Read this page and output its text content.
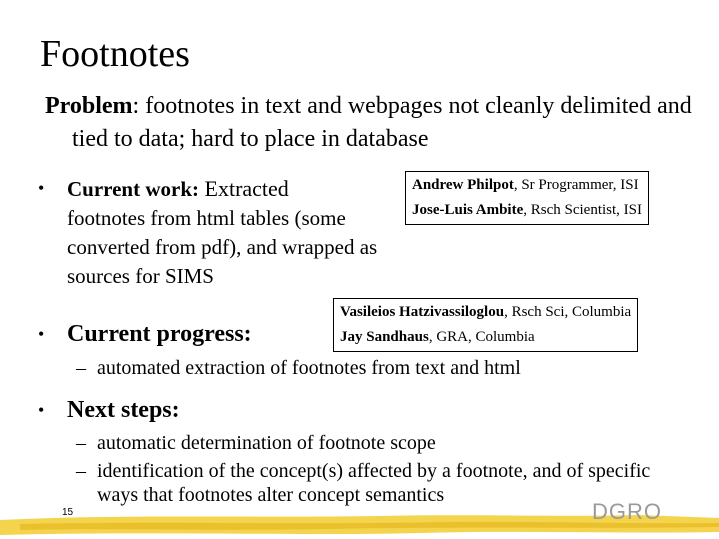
Footnotes
Problem: footnotes in text and webpages not cleanly delimited and tied to data; hard to place in database
•	Current work: Extracted
footnotes from html tables (some converted from pdf), and wrapped as sources for SIMS
Andrew Philpot, Sr Programmer, ISI
Jose-Luis Ambite, Rsch Scientist, ISI
Vasileios Hatzivassiloglou, Rsch Sci, Columbia
Jay Sandhaus, GRA, Columbia
• Current progress:
– automated extraction of footnotes from text and html
• Next steps:
– automatic determination of footnote scope
– identification of the concept(s) affected by a footnote, and of specific ways that footnotes alter concept semantics
15	DGRO
